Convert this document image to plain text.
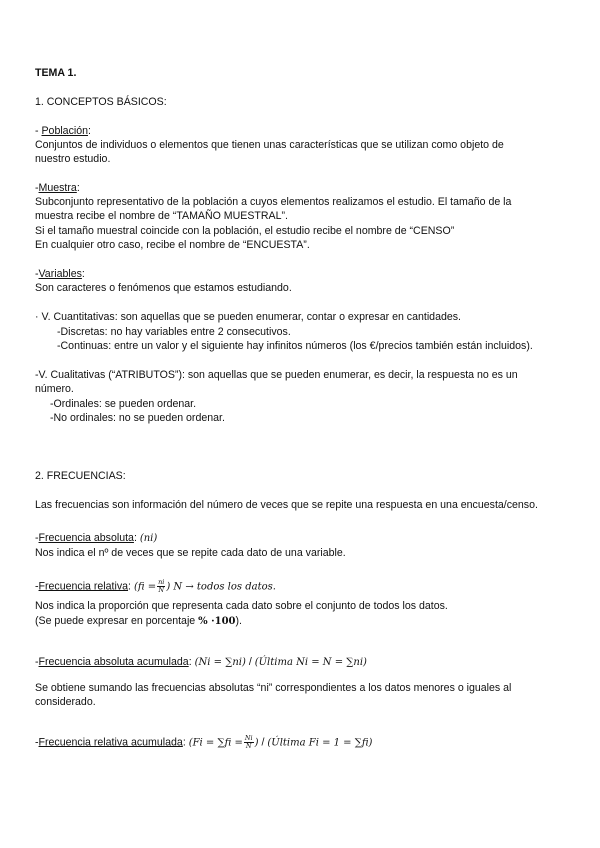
TEMA 1.
1. CONCEPTOS BÁSICOS:
- Población:
Conjuntos de individuos o elementos que tienen unas características que se utilizan como objeto de
nuestro estudio.
-Muestra:
Subconjunto representativo de la población a cuyos elementos realizamos el estudio. El tamaño de la
muestra recibe el nombre de “TAMAÑO MUESTRAL”.
Si el tamaño muestral coincide con la población, el estudio recibe el nombre de “CENSO”
En cualquier otro caso, recibe el nombre de “ENCUESTA”.
-Variables:
Son caracteres o fenómenos que estamos estudiando.
· V. Cuantitativas: son aquellas que se pueden enumerar, contar o expresar en cantidades.
-Discretas: no hay variables entre 2 consecutivos.
-Continuas: entre un valor y el siguiente hay infinitos números (los €/precios también están incluidos).
-V. Cualitativas (“ATRIBUTOS”): son aquellas que se pueden enumerar, es decir, la respuesta no es un
número.
-Ordinales: se pueden ordenar.
-No ordinales: no se pueden ordenar.
2. FRECUENCIAS:
Las frecuencias son información del número de veces que se repite una respuesta en una encuesta/censo.
-Frecuencia absoluta: (ni)
Nos indica el nº de veces que se repite cada dato de una variable.
-Frecuencia relativa: ($fi = \frac{ni}{N}$ ) N → todos los datos.
Nos indica la proporción que representa cada dato sobre el conjunto de todos los datos.
(Se puede expresar en porcentaje % ·100).
-Frecuencia absoluta acumulada: (Ni = ∑ni) / (Última Ni = N = ∑ni)
Se obtiene sumando las frecuencias absolutas “ni” correspondientes a los datos menores o iguales al
considerado.
-Frecuencia relativa acumulada: ($Fi = \sum fi = \frac{Ni}{N}$ ) / (Última Fi = 1 = ∑fi)
